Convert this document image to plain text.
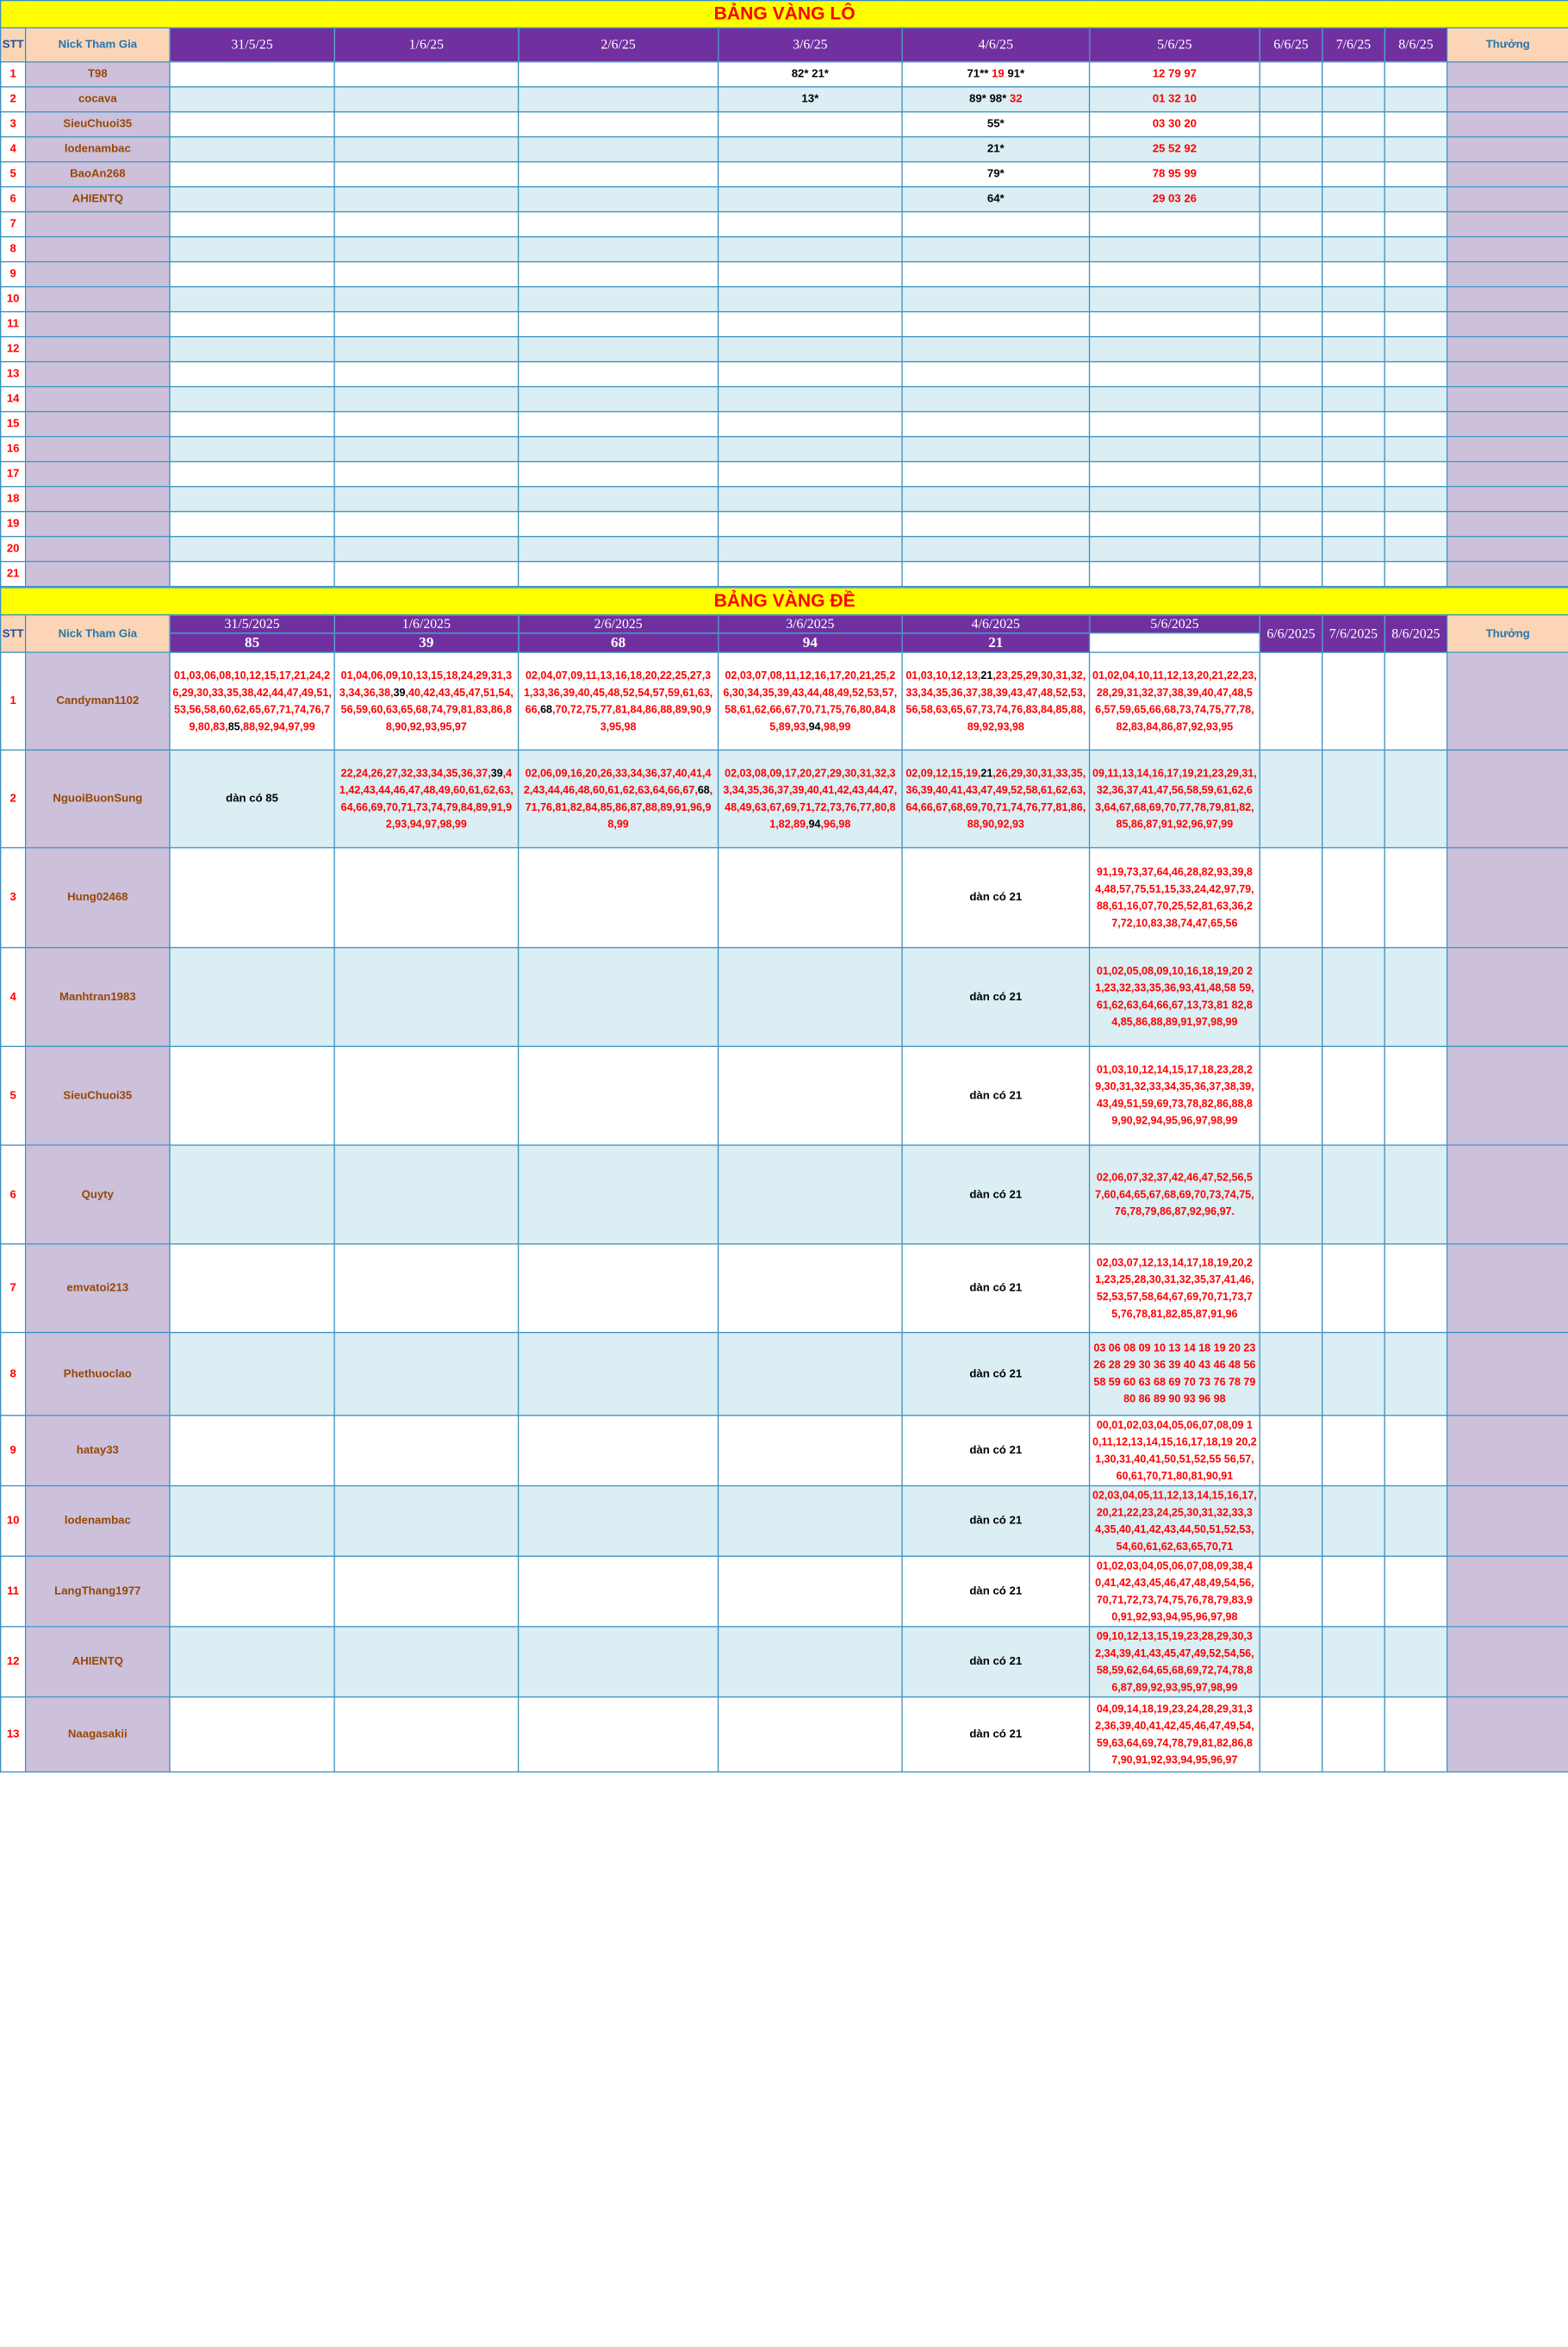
BẢNG VÀNG LÔ											
STT	Nick Tham Gia	31/5/25	1/6/25	2/6/25	3/6/25	4/6/25	5/6/25	6/6/25	7/6/25	8/6/25	Thưởng
1	T98				82* 21*	71** 19 91*	12 79 97				
2	cocava				13*	89* 98* 32	01 32 10				
3	SieuChuoi35					55*	03 30 20				
4	lodenambac					21*	25 52 92				
5	BaoAn268					79*	78 95 99				
6	AHIENTQ					64*	29 03 26				
7											
8											
9											
10											
11											
12											
13											
14											
15											
16											
17											
18											
19											
20											
21											
BẢNG VÀNG ĐỀ											
STT	Nick Tham Gia	31/5/2025	1/6/2025	2/6/2025	3/6/2025	4/6/2025	5/6/2025	6/6/2025	7/6/2025	8/6/2025	Thưởng
		85	39	68	94	21					
1	Candyman1102	01,03,06,08,10,12,15,17,21,24,26,29,30,33,35,38,42,44,47,49,51,53,56,58,60,62,65,67,71,74,76,79,80,83,85,88,92,94,97,99	01,04,06,09,10,13,15,18,24,29,31,33,34,36,38,39,40,42,43,45,47,51,54,56,59,60,63,65,68,74,79,81,83,86,88,90,92,93,95,97	02,04,07,09,11,13,16,18,20,22,25,27,31,33,36,39,40,45,48,52,54,57,59,61,63,66,68,70,72,75,77,81,84,86,88,89,90,93,95,98	02,03,07,08,11,12,16,17,20,21,25,26,30,34,35,39,43,44,48,49,52,53,57,58,61,62,66,67,70,71,75,76,80,84,85,89,93,94,98,99	01,03,10,12,13,21,23,25,29,30,31,32,33,34,35,36,37,38,39,43,47,48,52,53,56,58,63,65,67,73,74,76,83,84,85,88,89,92,93,98	01,02,04,10,11,12,13,20,21,22,23,28,29,31,32,37,38,39,40,47,48,56,57,59,65,66,68,73,74,75,77,78,82,83,84,86,87,92,93,95				
2	NguoiBuonSung	dàn có 85	22,24,26,27,32,33,34,35,36,37,39,41,42,43,44,46,47,48,49,60,61,62,63,64,66,69,70,71,73,74,79,84,89,91,92,93,94,97,98,99	02,06,09,16,20,26,33,34,36,37,40,41,42,43,44,46,48,60,61,62,63,64,66,67,68,71,76,81,82,84,85,86,87,88,89,91,96,98,99	02,03,08,09,17,20,27,29,30,31,32,33,34,35,36,37,39,40,41,42,43,44,47,48,49,63,67,69,71,72,73,76,77,80,81,82,89,94,96,98	02,09,12,15,19,21,26,29,30,31,33,35,36,39,40,41,43,47,49,52,58,61,62,63,64,66,67,68,69,70,71,74,76,77,81,86,88,90,92,93	09,11,13,14,16,17,19,21,23,29,31,32,36,37,41,47,56,58,59,61,62,63,64,67,68,69,70,77,78,79,81,82,85,86,87,91,92,96,97,99				
3	Hung02468					dàn có 21	91,19,73,37,64,46,28,82,93,39,84,48,57,75,51,15,33,24,42,97,79,88,61,16,07,70,25,52,81,63,36,27,72,10,83,38,74,47,65,56				
4	Manhtran1983					dàn có 21	01,02,05,08,09,10,16,18,19,20 21,23,32,33,35,36,93,41,48,58 59,61,62,63,64,66,67,13,73,81 82,84,85,86,88,89,91,97,98,99				
5	SieuChuoi35					dàn có 21	01,03,10,12,14,15,17,18,23,28,29,30,31,32,33,34,35,36,37,38,39,43,49,51,59,69,73,78,82,86,88,89,90,92,94,95,96,97,98,99				
6	Quyty					dàn có 21	02,06,07,32,37,42,46,47,52,56,57,60,64,65,67,68,69,70,73,74,75,76,78,79,86,87,92,96,97.				
7	emvatoi213					dàn có 21	02,03,07,12,13,14,17,18,19,20,21,23,25,28,30,31,32,35,37,41,46,52,53,57,58,64,67,69,70,71,73,75,76,78,81,82,85,87,91,96				
8	Phethuoclao					dàn có 21	03 06 08 09 10 13 14 18 19 20 23 26 28 29 30 36 39 40 43 46 48 56 58 59 60 63 68 69 70 73 76 78 79 80 86 89 90 93 96 98				
9	hatay33					dàn có 21	00,01,02,03,04,05,06,07,08,09 10,11,12,13,14,15,16,17,18,19 20,21,30,31,40,41,50,51,52,55 56,57,60,61,70,71,80,81,90,91				
10	lodenambac					dàn có 21	02,03,04,05,11,12,13,14,15,16,17,20,21,22,23,24,25,30,31,32,33,34,35,40,41,42,43,44,50,51,52,53,54,60,61,62,63,65,70,71				
11	LangThang1977					dàn có 21	01,02,03,04,05,06,07,08,09,38,40,41,42,43,45,46,47,48,49,54,56,70,71,72,73,74,75,76,78,79,83,90,91,92,93,94,95,96,97,98				
12	AHIENTQ					dàn có 21	09,10,12,13,15,19,23,28,29,30,32,34,39,41,43,45,47,49,52,54,56,58,59,62,64,65,68,69,72,74,78,86,87,89,92,93,95,97,98,99				
13	Naagasakii					dàn có 21	04,09,14,18,19,23,24,28,29,31,32,36,39,40,41,42,45,46,47,49,54,59,63,64,69,74,78,79,81,82,86,87,90,91,92,93,94,95,96,97				
